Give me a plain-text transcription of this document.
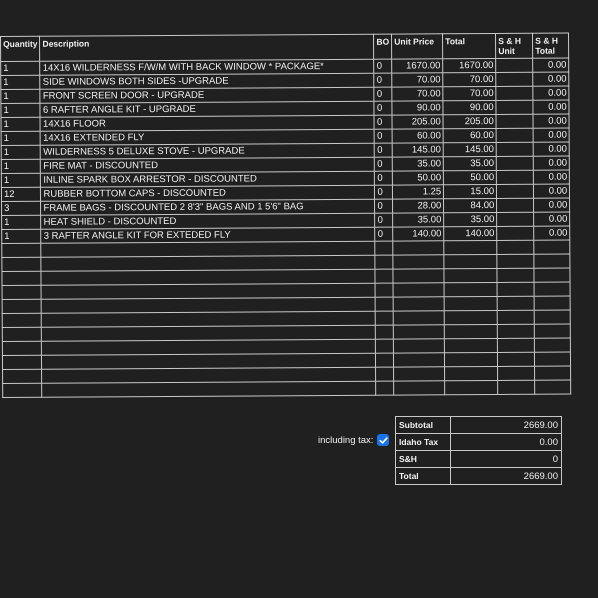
Quantity	Description	BO	Unit Price	Total	S & H Unit	S & H Total
1	14X16 WILDERNESS F/W/M WITH BACK WINDOW * PACKAGE*	0	1670.00	1670.00		0.00
1	SIDE WINDOWS BOTH SIDES -UPGRADE	0	70.00	70.00		0.00
1	FRONT SCREEN DOOR - UPGRADE	0	70.00	70.00		0.00
1	6 RAFTER ANGLE KIT - UPGRADE	0	90.00	90.00		0.00
1	14X16 FLOOR	0	205.00	205.00		0.00
1	14X16 EXTENDED FLY	0	60.00	60.00		0.00
1	WILDERNESS 5 DELUXE STOVE - UPGRADE	0	145.00	145.00		0.00
1	FIRE MAT - DISCOUNTED	0	35.00	35.00		0.00
1	INLINE SPARK BOX ARRESTOR - DISCOUNTED	0	50.00	50.00		0.00
12	RUBBER BOTTOM CAPS - DISCOUNTED	0	1.25	15.00		0.00
3	FRAME BAGS - DISCOUNTED 2 8'3" BAGS AND 1 5'6" BAG	0	28.00	84.00		0.00
1	HEAT SHIELD - DISCOUNTED	0	35.00	35.00		0.00
1	3 RAFTER ANGLE KIT FOR EXTEDED FLY	0	140.00	140.00		0.00

including tax:
Subtotal	2669.00
Idaho Tax	0.00
S&H	0
Total	2669.00
